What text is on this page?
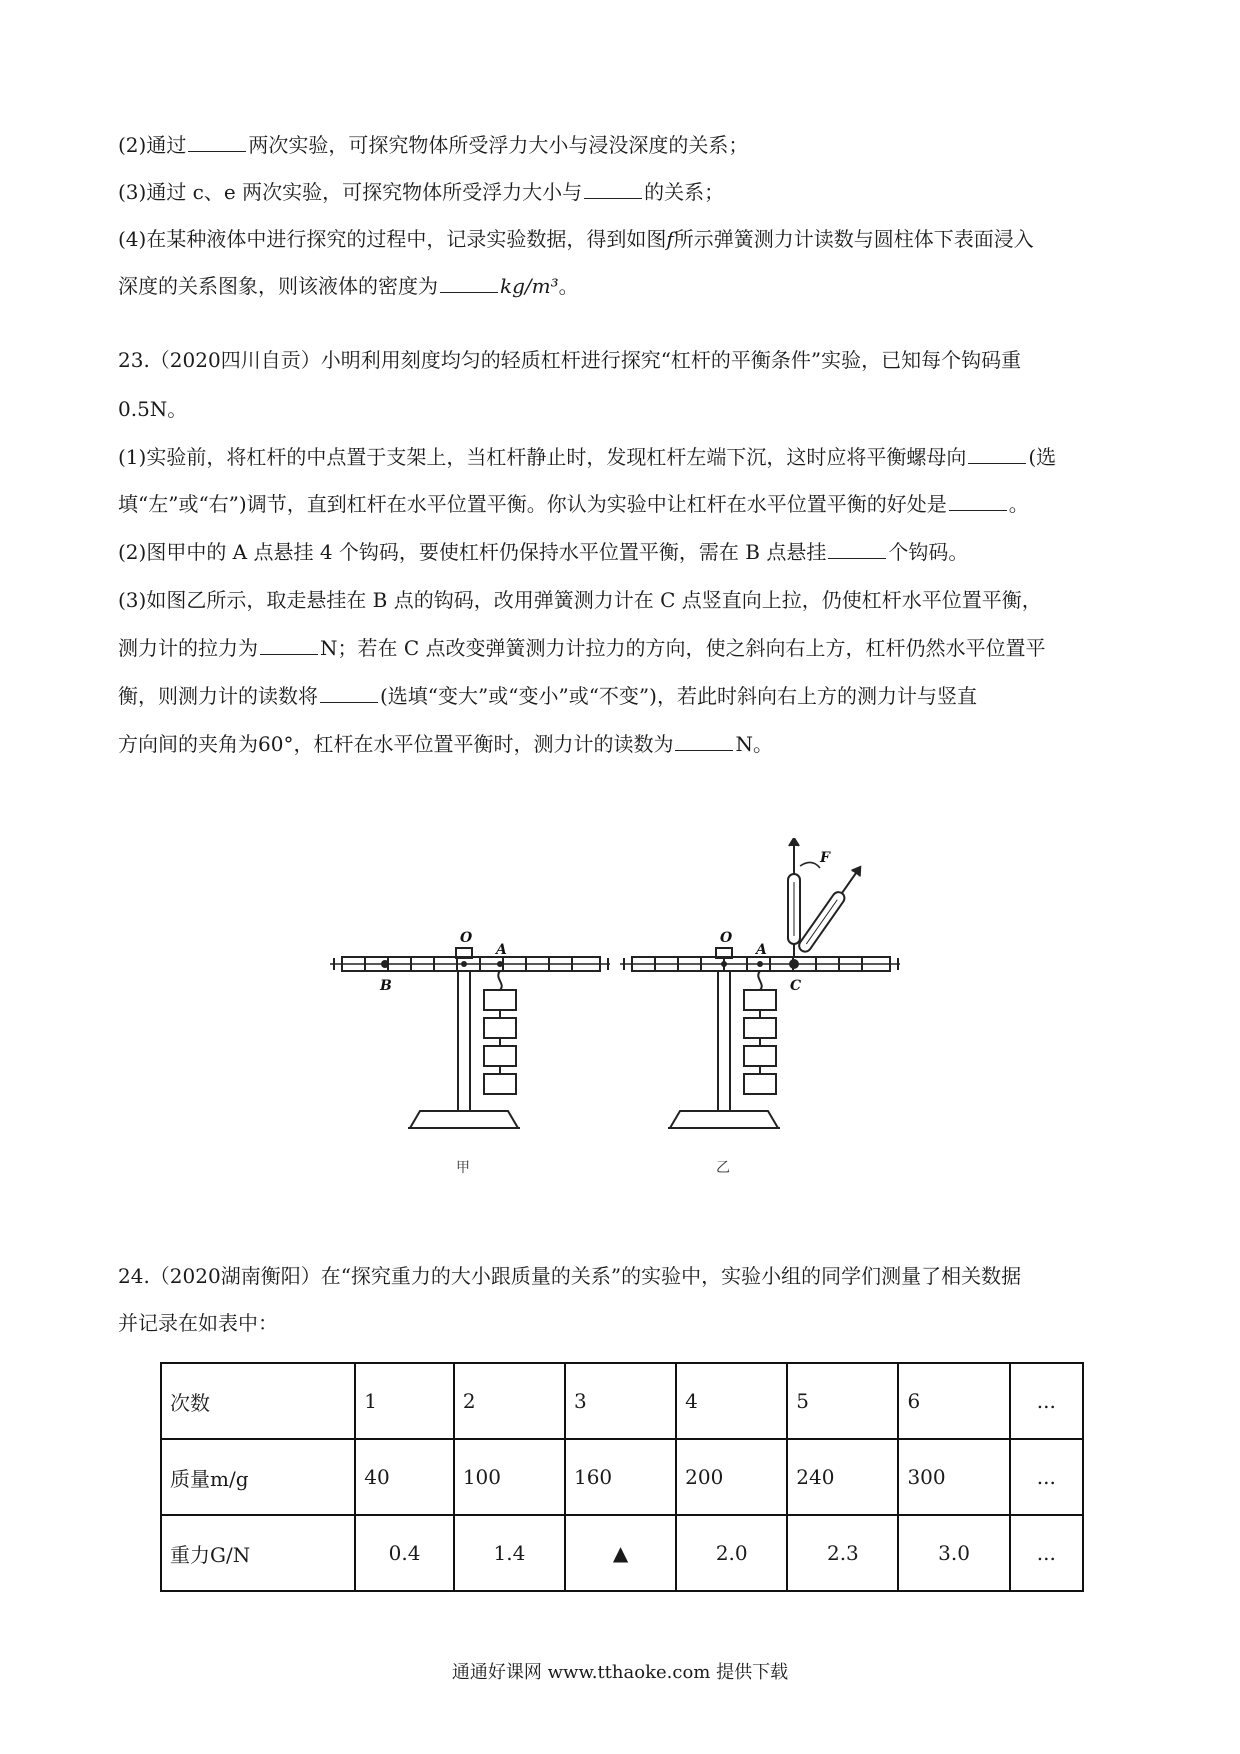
(2)通过	两次实验，可探究物体所受浮力大小与浸没深度的关系；
(3)通过 c、e 两次实验，可探究物体所受浮力大小与	的关系；
(4)在某种液体中进行探究的过程中，记录实验数据，得到如图f所示弹簧测力计读数与圆柱体下表面浸入
深度的关系图象，则该液体的密度为	kg/m³。
23.（2020四川自贡）小明利用刻度均匀的轻质杠杆进行探究“杠杆的平衡条件”实验，已知每个钩码重
0.5N。
(1)实验前，将杠杆的中点置于支架上，当杠杆静止时，发现杠杆左端下沉，这时应将平衡螺母向	(选
填“左”或“右”)调节，直到杠杆在水平位置平衡。你认为实验中让杠杆在水平位置平衡的好处是	。
(2)图甲中的 A 点悬挂 4 个钩码，要使杠杆仍保持水平位置平衡，需在 B 点悬挂	个钩码。
(3)如图乙所示，取走悬挂在 B 点的钩码，改用弹簧测力计在 C 点竖直向上拉，仍使杠杆水平位置平衡，
测力计的拉力为	N；若在 C 点改变弹簧测力计拉力的方向，使之斜向右上方，杠杆仍然水平位置平
衡，则测力计的读数将	(选填“变大”或“变小”或“不变”)，若此时斜向右上方的测力计与竖直
方向间的夹角为60°，杠杆在水平位置平衡时，测力计的读数为	N。
O
A
B
O
A
C
F
甲	乙
24.（2020湖南衡阳）在“探究重力的大小跟质量的关系”的实验中，实验小组的同学们测量了相关数据
并记录在如表中：
次数	1	2	3	4	5	6	...
质量m/g	40	100	160	200	240	300	...
重力G/N	0.4	1.4	▲	2.0	2.3	3.0	...
通通好课网 www.tthaoke.com 提供下载
